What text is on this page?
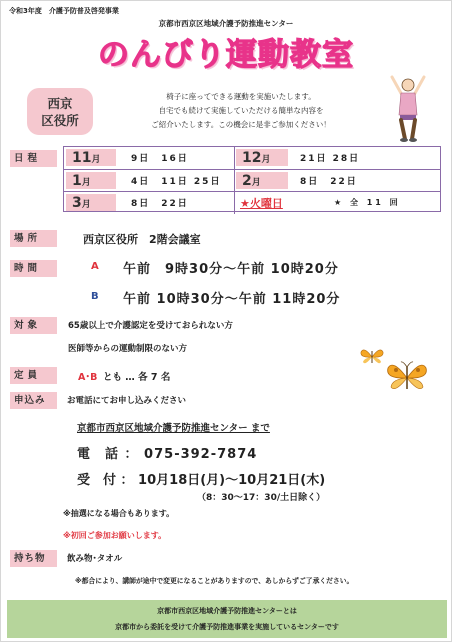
令和3年度　介護予防普及啓発事業
京都市西京区地域介護予防推進センター
のんびり運動教室
西京
区役所
椅子に座ってできる運動を実施いたします。
自宅でも続けて実施していただける簡単な内容を
ご紹介いたします。この機会に是非ご参加ください！
日程	11月	9日　16日	12月	21日 28日
1月	4日　11日 25日	2月	8日　22日
3月	8日　22日	★火曜日	★ 全 11 回
場所	西京区役所　2階会議室
時間	A 午前　9時30分～午前 10時20分
B 午前 10時30分～午前 11時20分
対象	65歳以上で介護認定を受けておられない方
医師等からの運動制限のない方
定員	A･B とも … 各 7 名
申込み	お電話にてお申し込みください
京都市西京区地域介護予防推進センター まで
電　話 ： 075-392-7874
受　付 ： 10月18日(月)～10月21日(木)
（8：30～17：30/土日除く）
※抽選になる場合もあります。
※初回ご参加お願いします。
持ち物	飲み物･タオル
※都合により、講師が途中で変更になることがありますので、あしからずご了承ください。
京都市西京区地域介護予防推進センターとは
京都市から委託を受けて介護予防推進事業を実施しているセンターです
